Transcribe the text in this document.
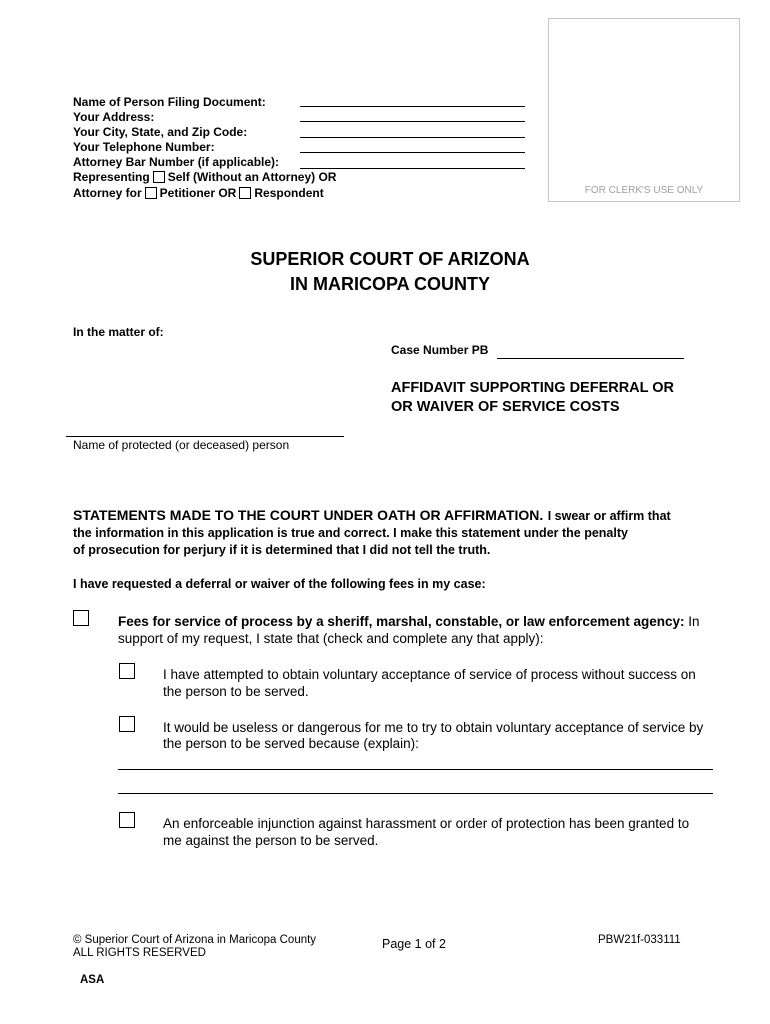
FOR CLERK'S USE ONLY
Name of Person Filing Document:
Your Address:
Your City, State, and Zip Code:
Your Telephone Number:
Attorney Bar Number (if applicable):
Representing Self (Without an Attorney) OR
Attorney for Petitioner OR Respondent
SUPERIOR COURT OF ARIZONA
IN MARICOPA COUNTY
In the matter of:
Case Number PB
AFFIDAVIT SUPPORTING DEFERRAL OR
OR WAIVER OF SERVICE COSTS
Name of protected (or deceased) person
STATEMENTS MADE TO THE COURT UNDER OATH OR AFFIRMATION. I swear or affirm that
the information in this application is true and correct. I make this statement under the penalty
of prosecution for perjury if it is determined that I did not tell the truth.
I have requested a deferral or waiver of the following fees in my case:
Fees for service of process by a sheriff, marshal, constable, or law enforcement agency: In
support of my request, I state that (check and complete any that apply):
I have attempted to obtain voluntary acceptance of service of process without success on
the person to be served.
It would be useless or dangerous for me to try to obtain voluntary acceptance of service by
the person to be served because (explain):
An enforceable injunction against harassment or order of protection has been granted to
me against the person to be served.
© Superior Court of Arizona in Maricopa County
ALL RIGHTS RESERVED
Page 1 of 2	PBW21f-033111
ASA
